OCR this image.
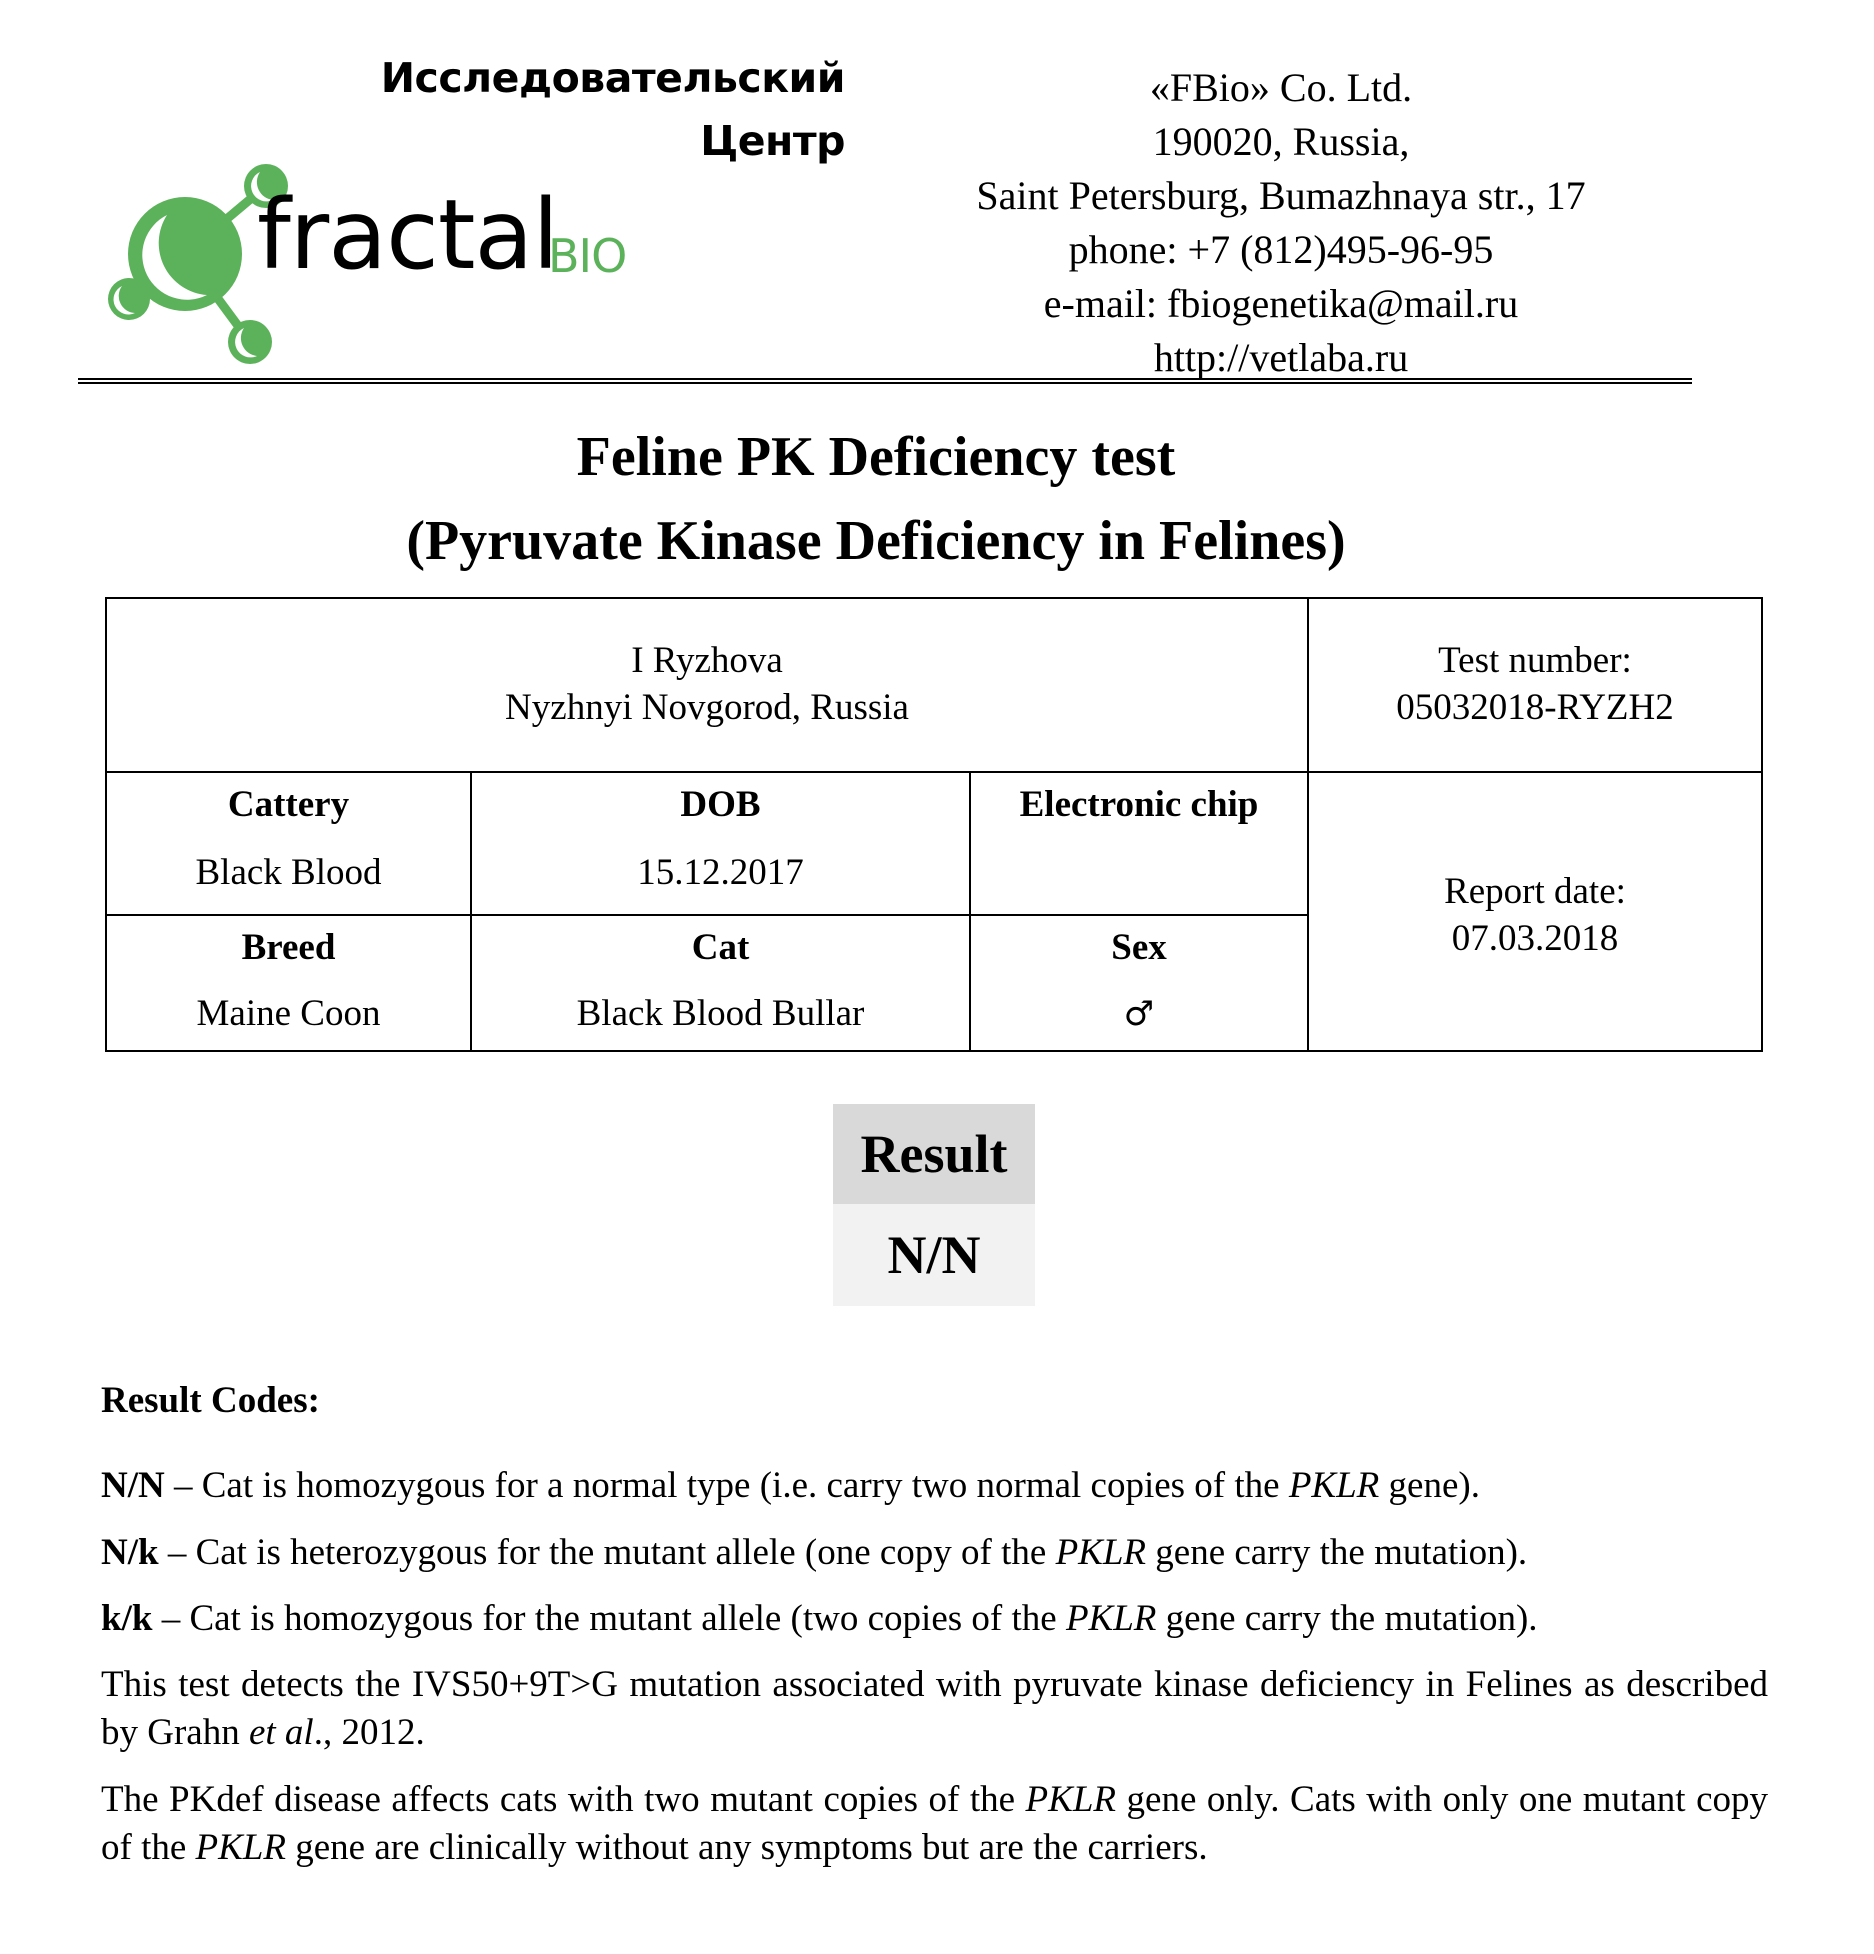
Исследовательский
Центр
fractal
BIO
«FBio» Co. Ltd.
190020, Russia,
Saint Petersburg, Bumazhnaya str., 17
phone: +7 (812)495-96-95
e-mail: fbiogenetika@mail.ru
http://vetlaba.ru
Feline PK Deficiency test
(Pyruvate Kinase Deficiency in Felines)
I Ryzhova
Nyzhnyi Novgorod, Russia
Test number:
05032018-RYZH2
Cattery
Black Blood
DOB
15.12.2017
Electronic chip
Breed
Maine Coon
Cat
Black Blood Bullar
Sex
♂
Report date:
07.03.2018
Result
N/N
Result Codes:
N/N – Cat is homozygous for a normal type (i.e. carry two normal copies of the PKLR gene).
N/k – Cat is heterozygous for the mutant allele (one copy of the PKLR gene carry the mutation).
k/k – Cat is homozygous for the mutant allele (two copies of the PKLR gene carry the mutation).
This test detects the IVS50+9T>G mutation associated with pyruvate kinase deficiency in Felines as described by Grahn et al., 2012.
The PKdef disease affects cats with two mutant copies of the PKLR gene only. Cats with only one mutant copy of the PKLR gene are clinically without any symptoms but are the carriers.
